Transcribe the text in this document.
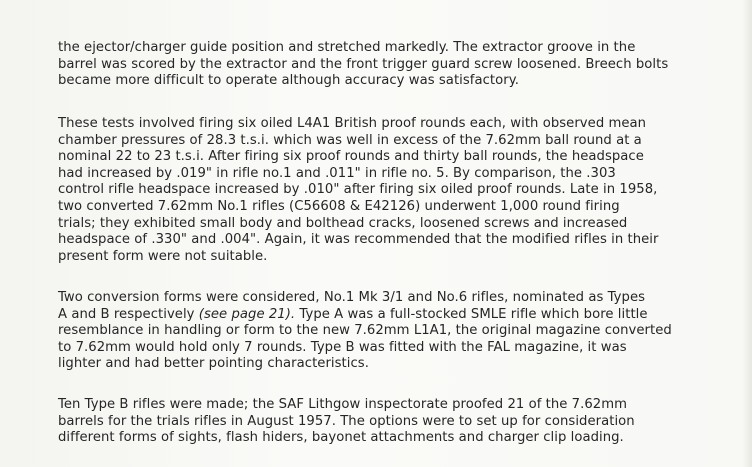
the ejector/charger guide position and stretched markedly. The extractor groove in the
barrel was scored by the extractor and the front trigger guard screw loosened. Breech bolts
became more difficult to operate although accuracy was satisfactory.
These tests involved firing six oiled L4A1 British proof rounds each, with observed mean
chamber pressures of 28.3 t.s.i. which was well in excess of the 7.62mm ball round at a
nominal 22 to 23 t.s.i. After firing six proof rounds and thirty ball rounds, the headspace
had increased by .019" in rifle no.1 and .011" in rifle no. 5. By comparison, the .303
control rifle headspace increased by .010" after firing six oiled proof rounds. Late in 1958,
two converted 7.62mm No.1 rifles (C56608 & E42126) underwent 1,000 round firing
trials; they exhibited small body and bolthead cracks, loosened screws and increased
headspace of .330" and .004". Again, it was recommended that the modified rifles in their
present form were not suitable.
Two conversion forms were considered, No.1 Mk 3/1 and No.6 rifles, nominated as Types
A and B respectively (see page 21). Type A was a full-stocked SMLE rifle which bore little
resemblance in handling or form to the new 7.62mm L1A1, the original magazine converted
to 7.62mm would hold only 7 rounds. Type B was fitted with the FAL magazine, it was
lighter and had better pointing characteristics.
Ten Type B rifles were made; the SAF Lithgow inspectorate proofed 21 of the 7.62mm
barrels for the trials rifles in August 1957. The options were to set up for consideration
different forms of sights, flash hiders, bayonet attachments and charger clip loading.
